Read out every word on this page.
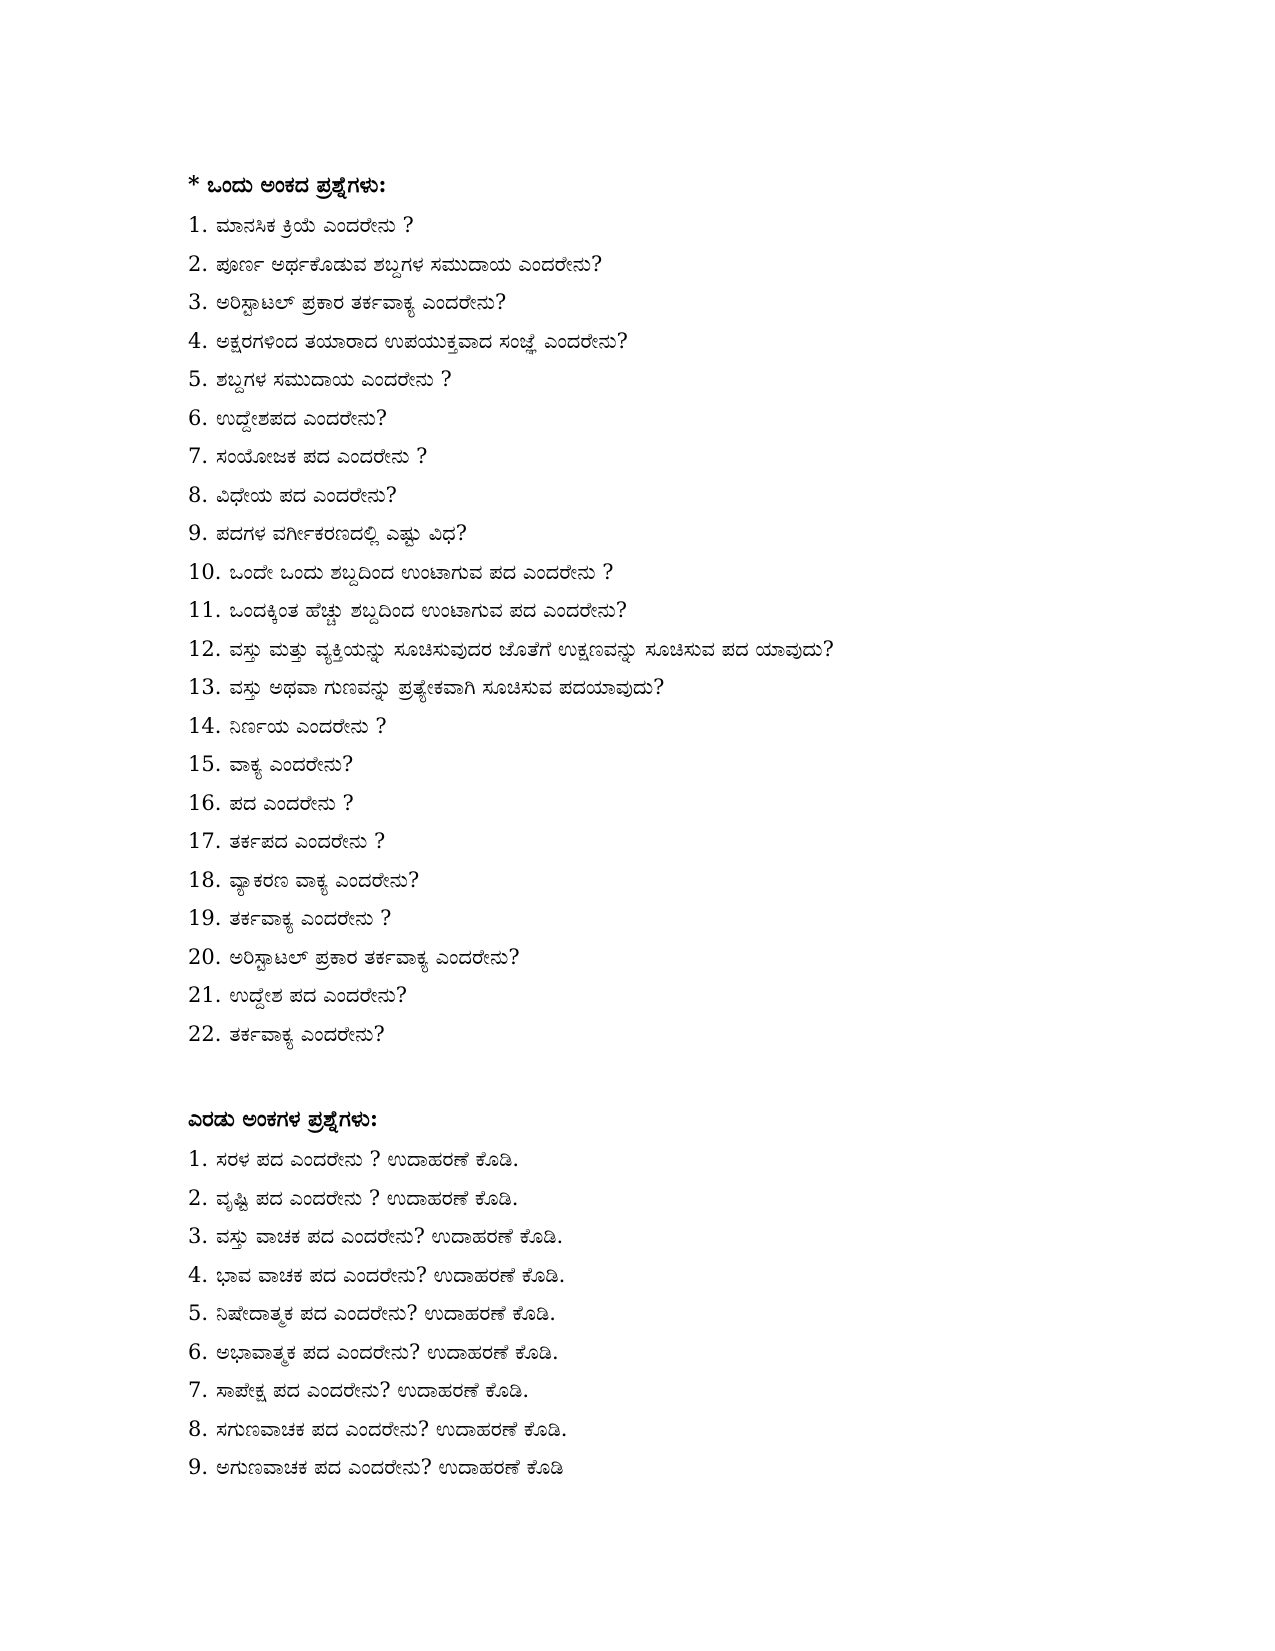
* ಒಂದು ಅಂಕದ ಪ್ರಶ್ನೆಗಳು:
1. ಮಾನಸಿಕ ಕ್ರಿಯೆ ಎಂದರೇನು ?
2. ಪೂರ್ಣ ಅರ್ಥಕೊಡುವ ಶಬ್ದಗಳ ಸಮುದಾಯ ಎಂದರೇನು?
3. ಅರಿಸ್ಟಾಟಲ್ ಪ್ರಕಾರ ತರ್ಕವಾಕ್ಯ ಎಂದರೇನು?
4. ಅಕ್ಷರಗಳಿಂದ ತಯಾರಾದ ಉಪಯುಕ್ತವಾದ ಸಂಜ್ಞೆ ಎಂದರೇನು?
5. ಶಬ್ದಗಳ ಸಮುದಾಯ ಎಂದರೇನು ?
6. ಉದ್ದೇಶಪದ ಎಂದರೇನು?
7. ಸಂಯೋಜಕ ಪದ ಎಂದರೇನು ?
8. ವಿಧೇಯ ಪದ ಎಂದರೇನು?
9. ಪದಗಳ ವರ್ಗೀಕರಣದಲ್ಲಿ ಎಷ್ಟು ವಿಧ?
10. ಒಂದೇ ಒಂದು ಶಬ್ದದಿಂದ ಉಂಟಾಗುವ ಪದ ಎಂದರೇನು ?
11. ಒಂದಕ್ಕಿಂತ ಹೆಚ್ಚು ಶಬ್ದದಿಂದ ಉಂಟಾಗುವ ಪದ ಎಂದರೇನು?
12. ವಸ್ತು ಮತ್ತು ವ್ಯಕ್ತಿಯನ್ನು ಸೂಚಿಸುವುದರ ಜೊತೆಗೆ ಉಕ್ಷಣವನ್ನು ಸೂಚಿಸುವ ಪದ ಯಾವುದು?
13. ವಸ್ತು ಅಥವಾ ಗುಣವನ್ನು ಪ್ರತ್ಯೇಕವಾಗಿ ಸೂಚಿಸುವ ಪದಯಾವುದು?
14. ನಿರ್ಣಯ ಎಂದರೇನು ?
15. ವಾಕ್ಯ ಎಂದರೇನು?
16. ಪದ ಎಂದರೇನು ?
17. ತರ್ಕಪದ ಎಂದರೇನು ?
18. ವ್ಯಾಕರಣ ವಾಕ್ಯ ಎಂದರೇನು?
19. ತರ್ಕವಾಕ್ಯ ಎಂದರೇನು ?
20. ಅರಿಸ್ಟಾಟಲ್ ಪ್ರಕಾರ ತರ್ಕವಾಕ್ಯ ಎಂದರೇನು?
21. ಉದ್ದೇಶ ಪದ ಎಂದರೇನು?
22. ತರ್ಕವಾಕ್ಯ ಎಂದರೇನು?
ಎರಡು ಅಂಕಗಳ ಪ್ರಶ್ನೆಗಳು:
1. ಸರಳ ಪದ ಎಂದರೇನು ? ಉದಾಹರಣೆ ಕೊಡಿ.
2. ವೃಷ್ಟಿ ಪದ ಎಂದರೇನು ? ಉದಾಹರಣೆ ಕೊಡಿ.
3. ವಸ್ತು ವಾಚಕ ಪದ ಎಂದರೇನು? ಉದಾಹರಣೆ ಕೊಡಿ.
4. ಭಾವ ವಾಚಕ ಪದ ಎಂದರೇನು? ಉದಾಹರಣೆ ಕೊಡಿ.
5. ನಿಷೇದಾತ್ಮಕ ಪದ ಎಂದರೇನು? ಉದಾಹರಣೆ ಕೊಡಿ.
6. ಅಭಾವಾತ್ಮಕ ಪದ ಎಂದರೇನು? ಉದಾಹರಣೆ ಕೊಡಿ.
7. ಸಾಪೇಕ್ಷ ಪದ ಎಂದರೇನು? ಉದಾಹರಣೆ ಕೊಡಿ.
8. ಸಗುಣವಾಚಕ ಪದ ಎಂದರೇನು? ಉದಾಹರಣೆ ಕೊಡಿ.
9. ಅಗುಣವಾಚಕ ಪದ ಎಂದರೇನು? ಉದಾಹರಣೆ ಕೊಡಿ
